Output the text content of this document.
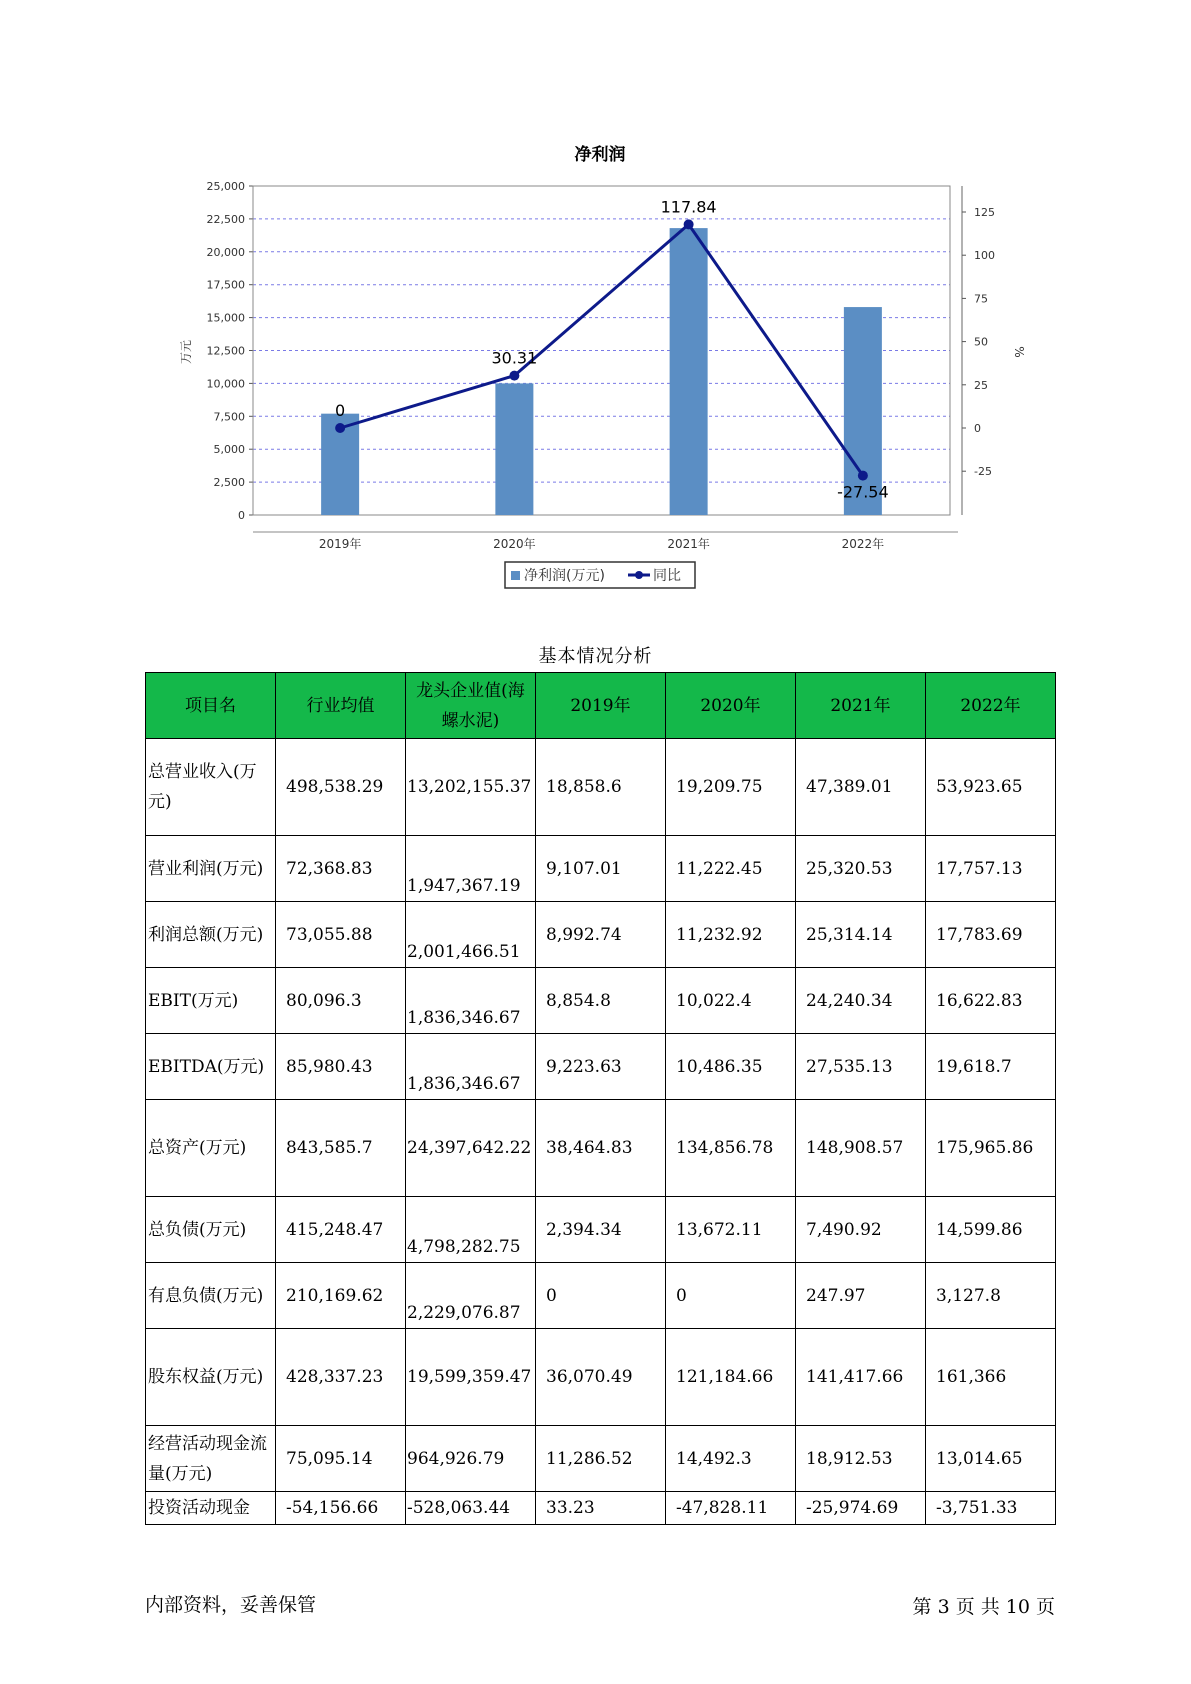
净利润
0
2,500
5,000
7,500
10,000
12,500
15,000
17,500
20,000
22,500
25,000
-25
0
25
50
75
100
125
万元	%
2019年	2020年	2021年	2022年
0
30.31
117.84
-27.54
净利润(万元)	同比
基本情况分析
项目名	行业均值	龙头企业值(海螺水泥)	2019年	2020年	2021年	2022年
总营业收入(万元)	498,538.29	13,202,155.37	18,858.6	19,209.75	47,389.01	53,923.65
营业利润(万元)	72,368.83	1,947,367.19	9,107.01	11,222.45	25,320.53	17,757.13
利润总额(万元)	73,055.88	2,001,466.51	8,992.74	11,232.92	25,314.14	17,783.69
EBIT(万元)	80,096.3	1,836,346.67	8,854.8	10,022.4	24,240.34	16,622.83
EBITDA(万元)	85,980.43	1,836,346.67	9,223.63	10,486.35	27,535.13	19,618.7
总资产(万元)	843,585.7	24,397,642.22	38,464.83	134,856.78	148,908.57	175,965.86
总负债(万元)	415,248.47	4,798,282.75	2,394.34	13,672.11	7,490.92	14,599.86
有息负债(万元)	210,169.62	2,229,076.87	0	0	247.97	3,127.8
股东权益(万元)	428,337.23	19,599,359.47	36,070.49	121,184.66	141,417.66	161,366
经营活动现金流量(万元)	75,095.14	964,926.79	11,286.52	14,492.3	18,912.53	13,014.65
投资活动现金	-54,156.66	-528,063.44	33.23	-47,828.11	-25,974.69	-3,751.33
内部资料，妥善保管	第 3 页 共 10 页
